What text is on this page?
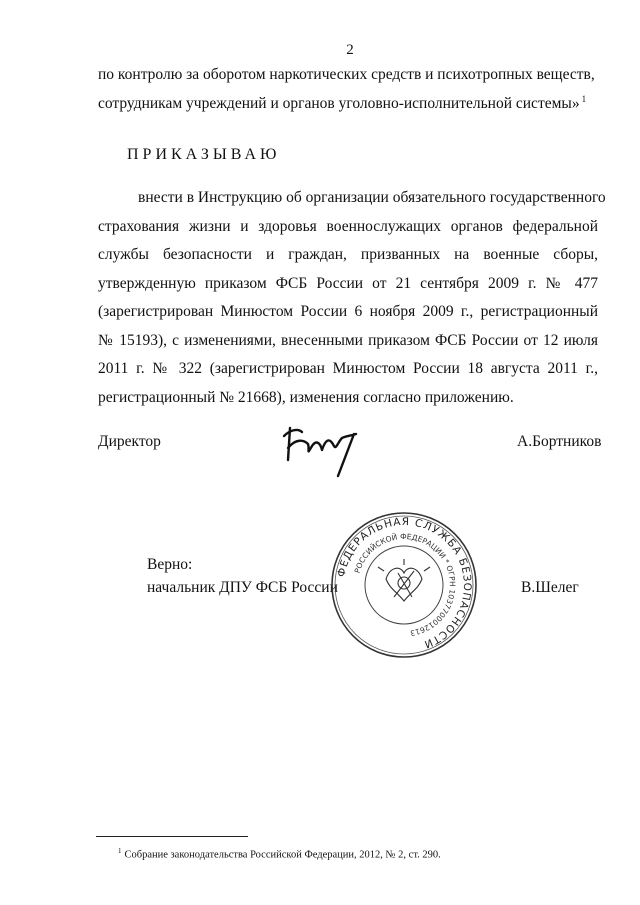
2
по контролю за оборотом наркотических средств и психотропных веществ,
сотрудникам учреждений и органов уголовно-исполнительной системы» $^1$
ПРИКАЗЫВАЮ
внести в Инструкцию об организации обязательного государственного
страхования жизни и здоровья военнослужащих органов федеральной
службы безопасности и граждан, призванных на военные сборы,
утвержденную приказом ФСБ России от 21 сентября 2009 г. № 477
(зарегистрирован Минюстом России 6 ноября 2009 г., регистрационный
№ 15193), с изменениями, внесенными приказом ФСБ России от 12 июля
2011 г. № 322 (зарегистрирован Минюстом России 18 августа 2011 г.,
регистрационный № 21668), изменения согласно приложению.
Директор	А.Бортников
Верно:
начальник ДПУ ФСБ России	В.Шелег
ФЕДЕРАЛЬНАЯ СЛУЖБА БЕЗОПАСНОСТИ
РОССИЙСКОЙ ФЕДЕРАЦИИ * ОГРН 1037700012613
$^1$ Собрание законодательства Российской Федерации, 2012, № 2, ст. 290.
